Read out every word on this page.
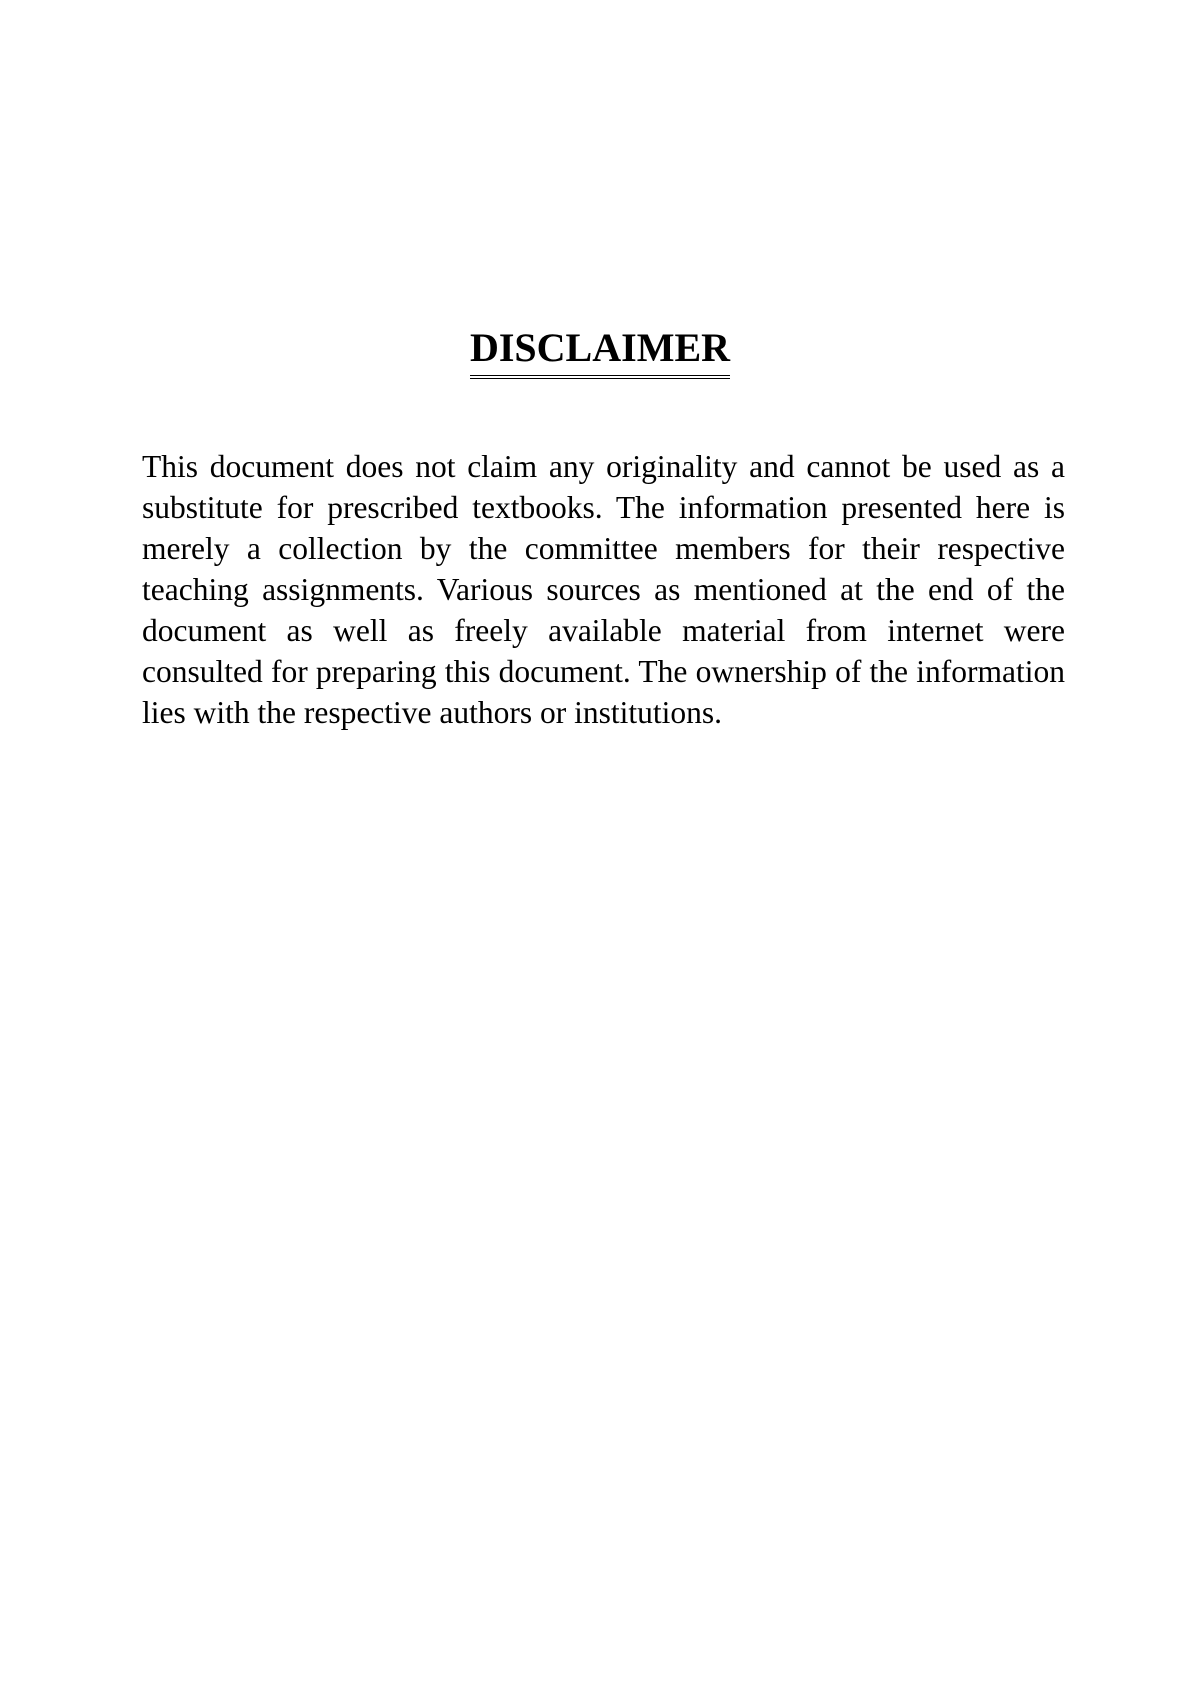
DISCLAIMER

This document does not claim any originality and cannot be used as a substitute for prescribed textbooks. The information presented here is merely a collection by the committee members for their respective teaching assignments. Various sources as mentioned at the end of the document as well as freely available material from internet were consulted for preparing this document. The ownership of the information lies with the respective authors or institutions.
